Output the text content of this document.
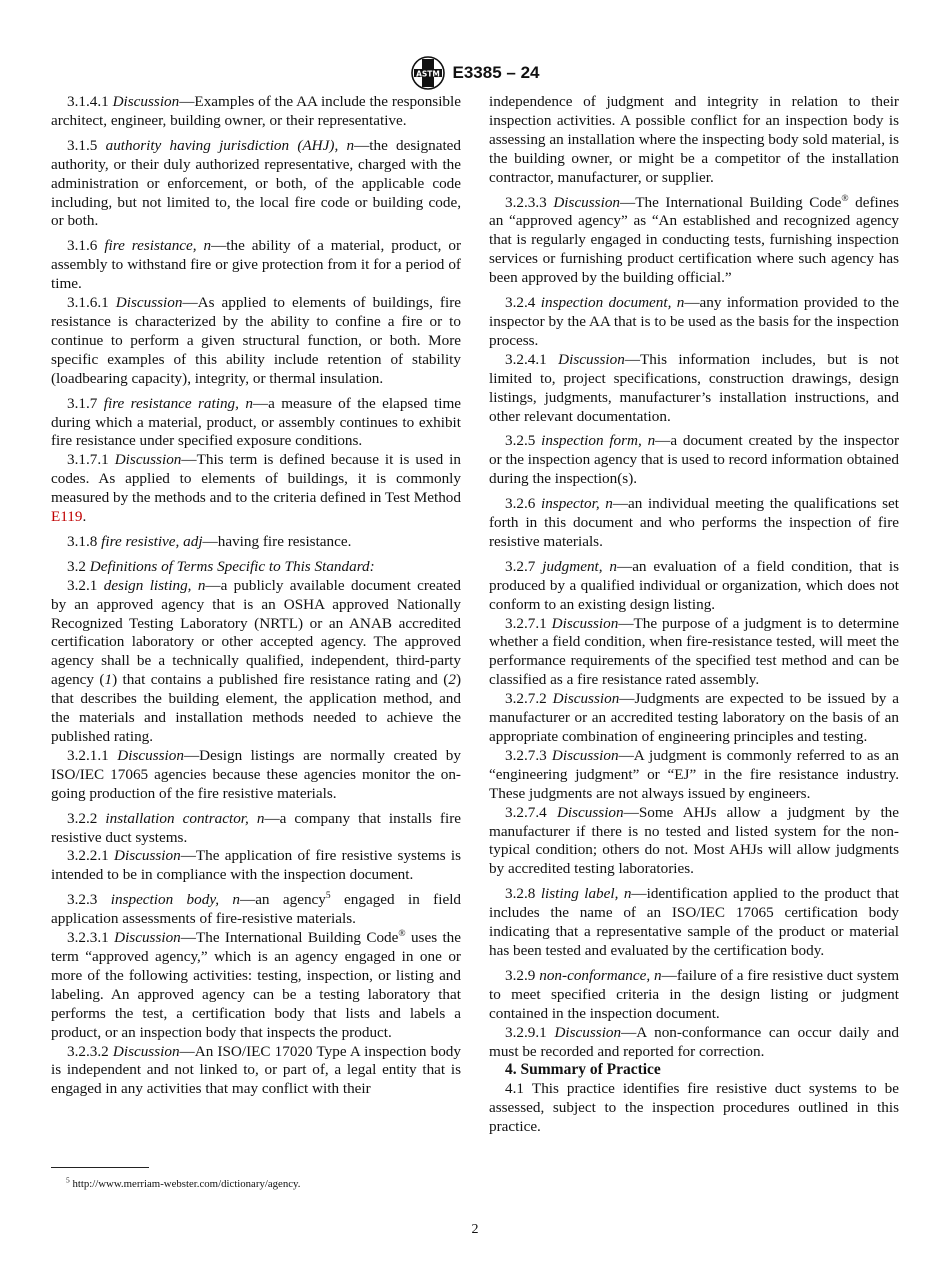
ASTM E3385 – 24

3.1.4.1 Discussion—Examples of the AA include the responsible architect, engineer, building owner, or their representative.

3.1.5 authority having jurisdiction (AHJ), n—the designated authority, or their duly authorized representative, charged with the administration or enforcement, or both, of the applicable code including, but not limited to, the local fire code or building code, or both.

3.1.6 fire resistance, n—the ability of a material, product, or assembly to withstand fire or give protection from it for a period of time.

3.1.6.1 Discussion—As applied to elements of buildings, fire resistance is characterized by the ability to confine a fire or to continue to perform a given structural function, or both. More specific examples of this ability include retention of stability (loadbearing capacity), integrity, or thermal insulation.

3.1.7 fire resistance rating, n—a measure of the elapsed time during which a material, product, or assembly continues to exhibit fire resistance under specified exposure conditions.

3.1.7.1 Discussion—This term is defined because it is used in codes. As applied to elements of buildings, it is commonly measured by the methods and to the criteria defined in Test Method E119.

3.1.8 fire resistive, adj—having fire resistance.

3.2 Definitions of Terms Specific to This Standard:

3.2.1 design listing, n—a publicly available document created by an approved agency that is an OSHA approved Nationally Recognized Testing Laboratory (NRTL) or an ANAB accredited certification laboratory or other accepted agency. The approved agency shall be a technically qualified, independent, third-party agency (1) that contains a published fire resistance rating and (2) that describes the building element, the application method, and the materials and installation methods needed to achieve the published rating.

3.2.1.1 Discussion—Design listings are normally created by ISO/IEC 17065 agencies because these agencies monitor the on-going production of the fire resistive materials.

3.2.2 installation contractor, n—a company that installs fire resistive duct systems.

3.2.2.1 Discussion—The application of fire resistive systems is intended to be in compliance with the inspection document.

3.2.3 inspection body, n—an agency$^5$ engaged in field application assessments of fire-resistive materials.

3.2.3.1 Discussion—The International Building Code® uses the term “approved agency,” which is an agency engaged in one or more of the following activities: testing, inspection, or listing and labeling. An approved agency can be a testing laboratory that performs the test, a certification body that lists and labels a product, or an inspection body that inspects the product.

3.2.3.2 Discussion—An ISO/IEC 17020 Type A inspection body is independent and not linked to, or part of, a legal entity that is engaged in any activities that may conflict with their

independence of judgment and integrity in relation to their inspection activities. A possible conflict for an inspection body is assessing an installation where the inspecting body sold material, is the building owner, or might be a competitor of the installation contractor, manufacturer, or supplier.

3.2.3.3 Discussion—The International Building Code® defines an “approved agency” as “An established and recognized agency that is regularly engaged in conducting tests, furnishing inspection services or furnishing product certification where such agency has been approved by the building official.”

3.2.4 inspection document, n—any information provided to the inspector by the AA that is to be used as the basis for the inspection process.

3.2.4.1 Discussion—This information includes, but is not limited to, project specifications, construction drawings, design listings, judgments, manufacturer’s installation instructions, and other relevant documentation.

3.2.5 inspection form, n—a document created by the inspector or the inspection agency that is used to record information obtained during the inspection(s).

3.2.6 inspector, n—an individual meeting the qualifications set forth in this document and who performs the inspection of fire resistive materials.

3.2.7 judgment, n—an evaluation of a field condition, that is produced by a qualified individual or organization, which does not conform to an existing design listing.

3.2.7.1 Discussion—The purpose of a judgment is to determine whether a field condition, when fire-resistance tested, will meet the performance requirements of the specified test method and can be classified as a fire resistance rated assembly.

3.2.7.2 Discussion—Judgments are expected to be issued by a manufacturer or an accredited testing laboratory on the basis of an appropriate combination of engineering principles and testing.

3.2.7.3 Discussion—A judgment is commonly referred to as an “engineering judgment” or “EJ” in the fire resistance industry. These judgments are not always issued by engineers.

3.2.7.4 Discussion—Some AHJs allow a judgment by the manufacturer if there is no tested and listed system for the non-typical condition; others do not. Most AHJs will allow judgments by accredited testing laboratories.

3.2.8 listing label, n—identification applied to the product that includes the name of an ISO/IEC 17065 certification body indicating that a representative sample of the product or material has been tested and evaluated by the certification body.

3.2.9 non-conformance, n—failure of a fire resistive duct system to meet specified criteria in the design listing or judgment contained in the inspection document.

3.2.9.1 Discussion—A non-conformance can occur daily and must be recorded and reported for correction.

4. Summary of Practice

4.1 This practice identifies fire resistive duct systems to be assessed, subject to the inspection procedures outlined in this practice.

$^5$ http://www.merriam-webster.com/dictionary/agency.
2
